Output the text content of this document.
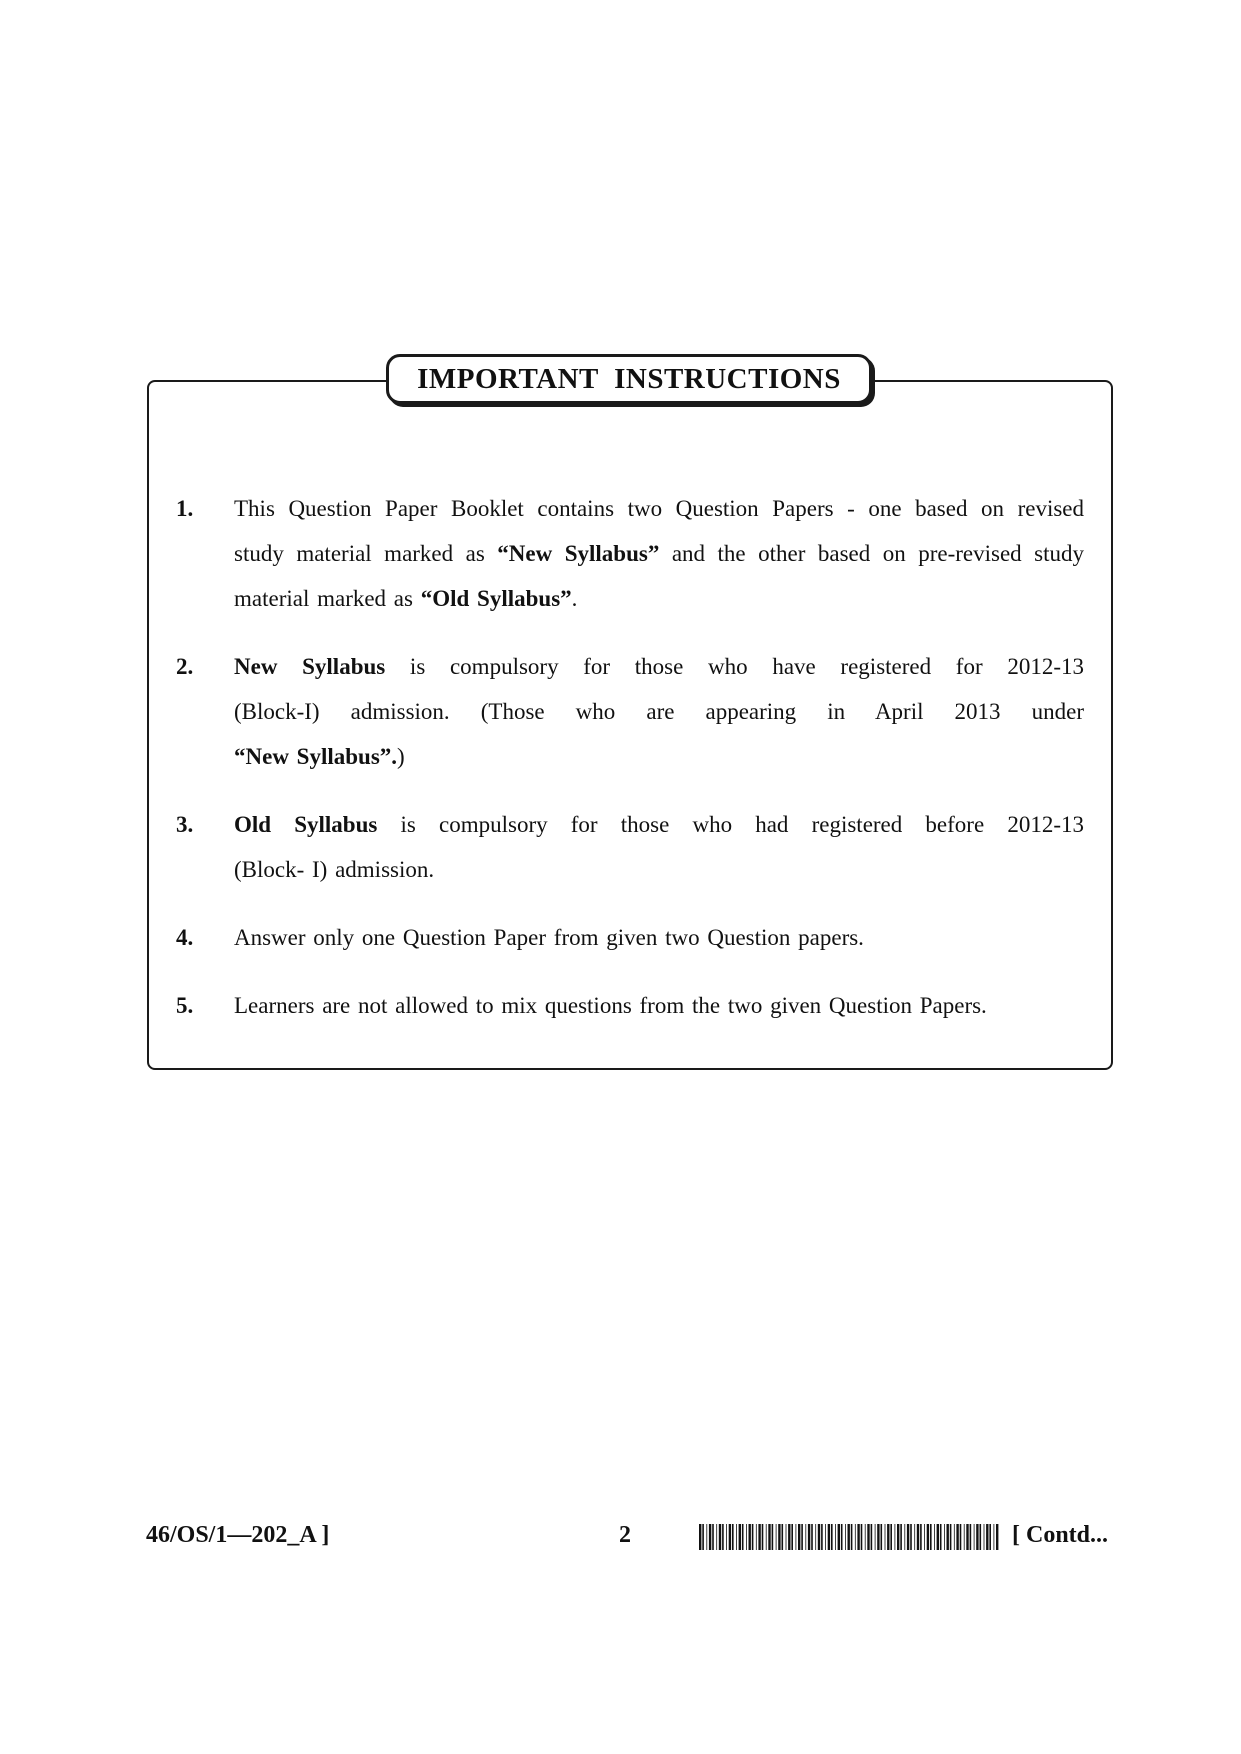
IMPORTANT INSTRUCTIONS
1. This Question Paper Booklet contains two Question Papers - one based on revised
study material marked as “New Syllabus” and the other based on pre-revised study
material marked as “Old Syllabus”.
2. New Syllabus is compulsory for those who have registered for 2012-13
(Block-I) admission. (Those who are appearing in April 2013 under
“New Syllabus”.)
3. Old Syllabus is compulsory for those who had registered before 2012-13
(Block- I) admission.
4. Answer only one Question Paper from given two Question papers.
5. Learners are not allowed to mix questions from the two given Question Papers.
46/OS/1—202_A ]	2	[ Contd...
